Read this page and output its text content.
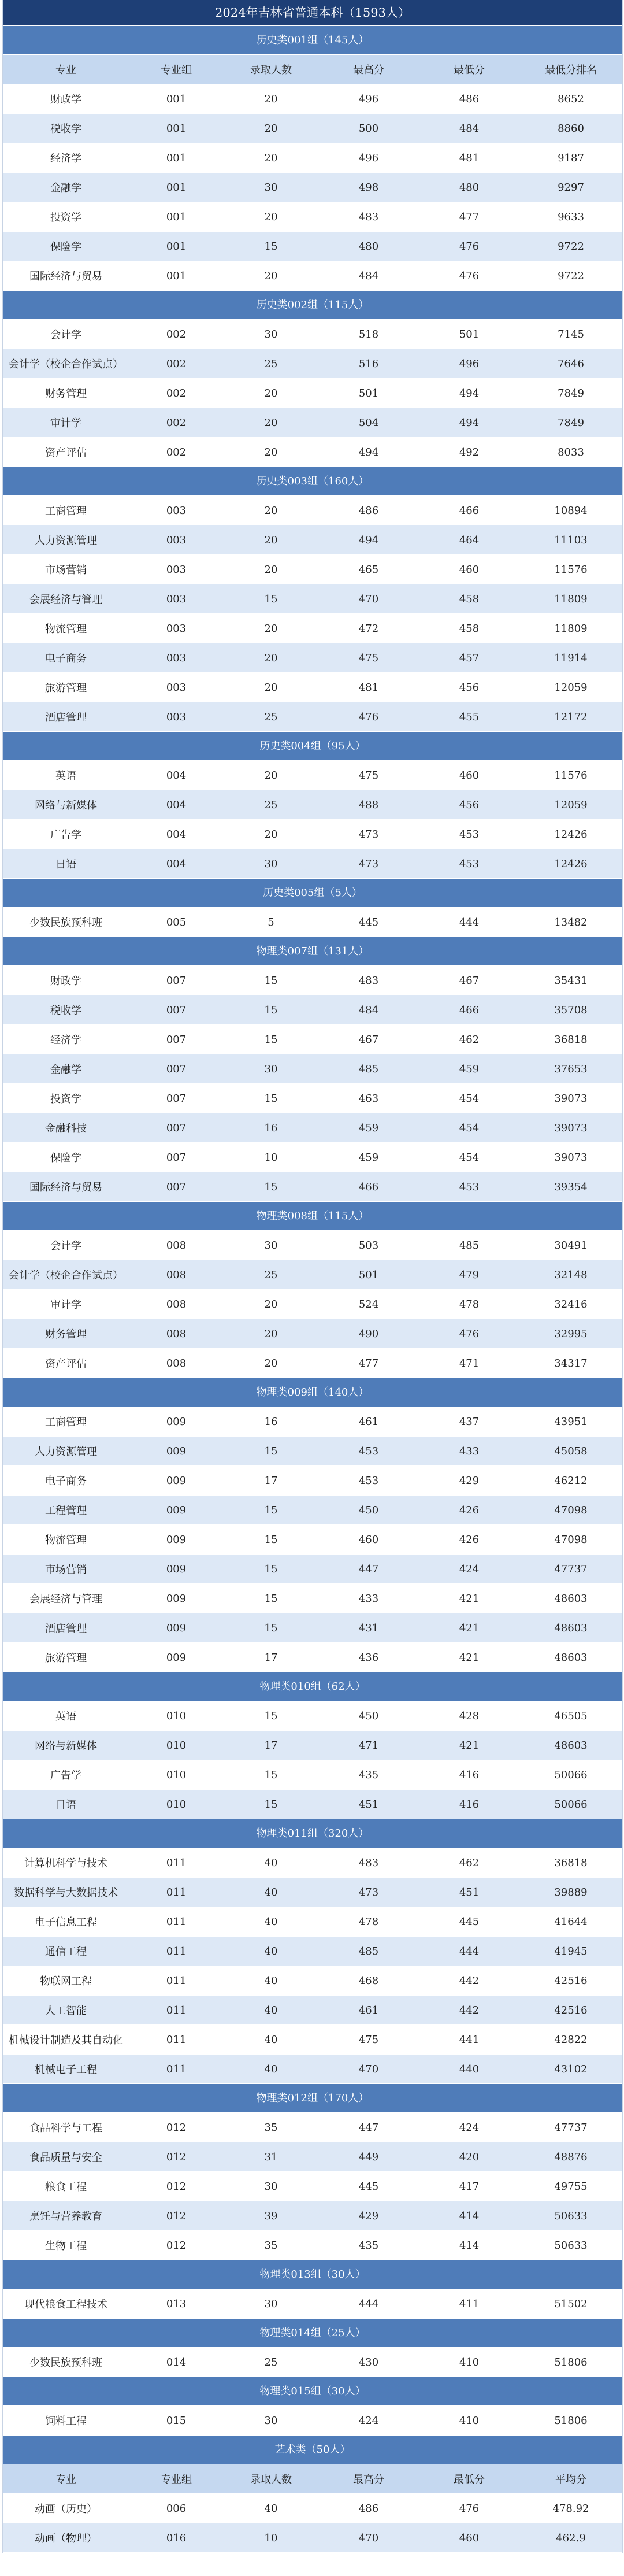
2024年吉林省普通本科（1593人）
历史类001组（145人）
专业	专业组	录取人数	最高分	最低分	最低分排名
财政学	001	20	496	486	8652
税收学	001	20	500	484	8860
经济学	001	20	496	481	9187
金融学	001	30	498	480	9297
投资学	001	20	483	477	9633
保险学	001	15	480	476	9722
国际经济与贸易	001	20	484	476	9722
历史类002组（115人）
会计学	002	30	518	501	7145
会计学（校企合作试点）	002	25	516	496	7646
财务管理	002	20	501	494	7849
审计学	002	20	504	494	7849
资产评估	002	20	494	492	8033
历史类003组（160人）
工商管理	003	20	486	466	10894
人力资源管理	003	20	494	464	11103
市场营销	003	20	465	460	11576
会展经济与管理	003	15	470	458	11809
物流管理	003	20	472	458	11809
电子商务	003	20	475	457	11914
旅游管理	003	20	481	456	12059
酒店管理	003	25	476	455	12172
历史类004组（95人）
英语	004	20	475	460	11576
网络与新媒体	004	25	488	456	12059
广告学	004	20	473	453	12426
日语	004	30	473	453	12426
历史类005组（5人）
少数民族预科班	005	5	445	444	13482
物理类007组（131人）
财政学	007	15	483	467	35431
税收学	007	15	484	466	35708
经济学	007	15	467	462	36818
金融学	007	30	485	459	37653
投资学	007	15	463	454	39073
金融科技	007	16	459	454	39073
保险学	007	10	459	454	39073
国际经济与贸易	007	15	466	453	39354
物理类008组（115人）
会计学	008	30	503	485	30491
会计学（校企合作试点）	008	25	501	479	32148
审计学	008	20	524	478	32416
财务管理	008	20	490	476	32995
资产评估	008	20	477	471	34317
物理类009组（140人）
工商管理	009	16	461	437	43951
人力资源管理	009	15	453	433	45058
电子商务	009	17	453	429	46212
工程管理	009	15	450	426	47098
物流管理	009	15	460	426	47098
市场营销	009	15	447	424	47737
会展经济与管理	009	15	433	421	48603
酒店管理	009	15	431	421	48603
旅游管理	009	17	436	421	48603
物理类010组（62人）
英语	010	15	450	428	46505
网络与新媒体	010	17	471	421	48603
广告学	010	15	435	416	50066
日语	010	15	451	416	50066
物理类011组（320人）
计算机科学与技术	011	40	483	462	36818
数据科学与大数据技术	011	40	473	451	39889
电子信息工程	011	40	478	445	41644
通信工程	011	40	485	444	41945
物联网工程	011	40	468	442	42516
人工智能	011	40	461	442	42516
机械设计制造及其自动化	011	40	475	441	42822
机械电子工程	011	40	470	440	43102
物理类012组（170人）
食品科学与工程	012	35	447	424	47737
食品质量与安全	012	31	449	420	48876
粮食工程	012	30	445	417	49755
烹饪与营养教育	012	39	429	414	50633
生物工程	012	35	435	414	50633
物理类013组（30人）
现代粮食工程技术	013	30	444	411	51502
物理类014组（25人）
少数民族预科班	014	25	430	410	51806
物理类015组（30人）
饲料工程	015	30	424	410	51806
艺术类（50人）
专业	专业组	录取人数	最高分	最低分	平均分
动画（历史）	006	40	486	476	478.92
动画（物理）	016	10	470	460	462.9
